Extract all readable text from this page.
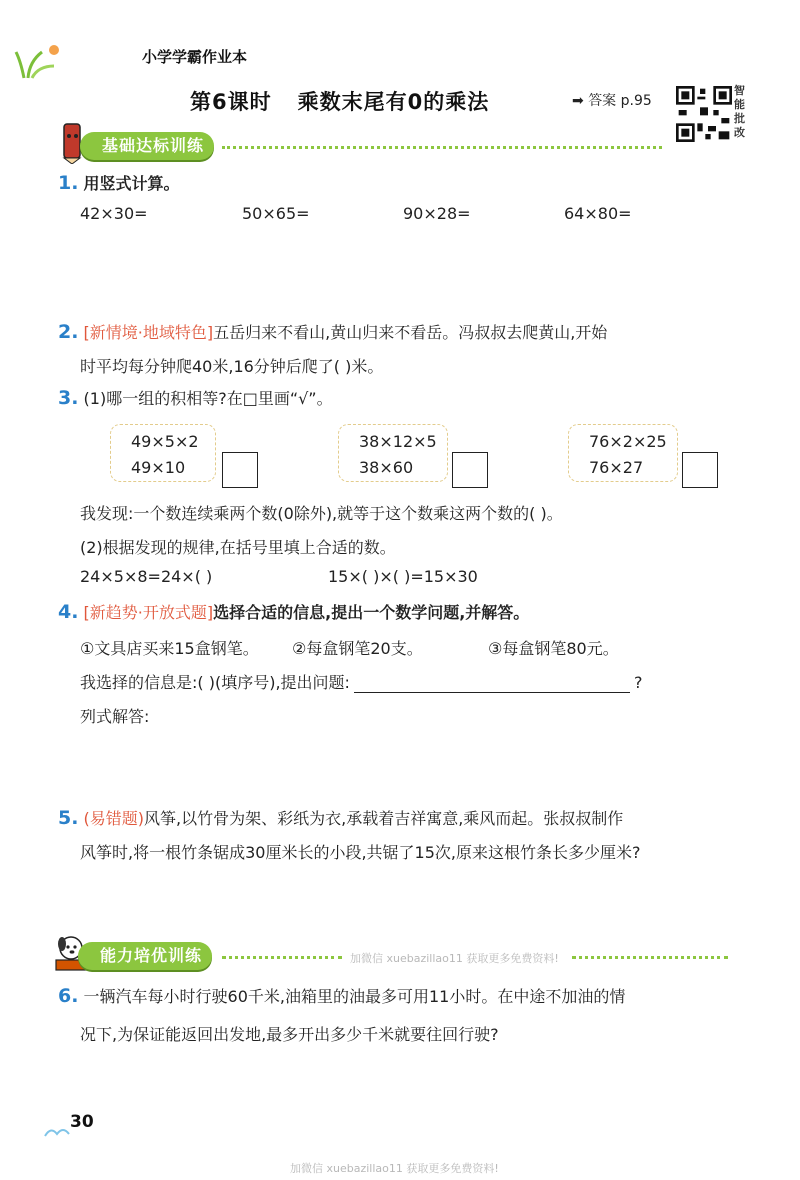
小学学霸作业本
第6课时 乘数末尾有0的乘法	➡ 答案 p.95
智
能
批
改
基础达标训练
1. 用竖式计算。
42×30=	50×65=	90×28=	64×80=
2. [新情境·地域特色]五岳归来不看山,黄山归来不看岳。冯叔叔去爬黄山,开始
时平均每分钟爬40米,16分钟后爬了( )米。
3. (1)哪一组的积相等?在□里画“√”。
49×5×2
49×10
38×12×5
38×60
76×2×25
76×27
我发现:一个数连续乘两个数(0除外),就等于这个数乘这两个数的( )。
(2)根据发现的规律,在括号里填上合适的数。
24×5×8=24×( )	15×( )×( )=15×30
4. [新趋势·开放式题]选择合适的信息,提出一个数学问题,并解答。
①文具店买来15盒钢笔。 ②每盒钢笔20支。	③每盒钢笔80元。
我选择的信息是:( )(填序号),提出问题:	?
列式解答:
5. (易错题)风筝,以竹骨为架、彩纸为衣,承载着吉祥寓意,乘风而起。张叔叔制作
风筝时,将一根竹条锯成30厘米长的小段,共锯了15次,原来这根竹条长多少厘米?
能力培优训练	加微信 xuebazillao11 获取更多免费资料!
6. 一辆汽车每小时行驶60千米,油箱里的油最多可用11小时。在中途不加油的情
况下,为保证能返回出发地,最多开出多少千米就要往回行驶?
30
加微信 xuebazillao11 获取更多免费资料!
